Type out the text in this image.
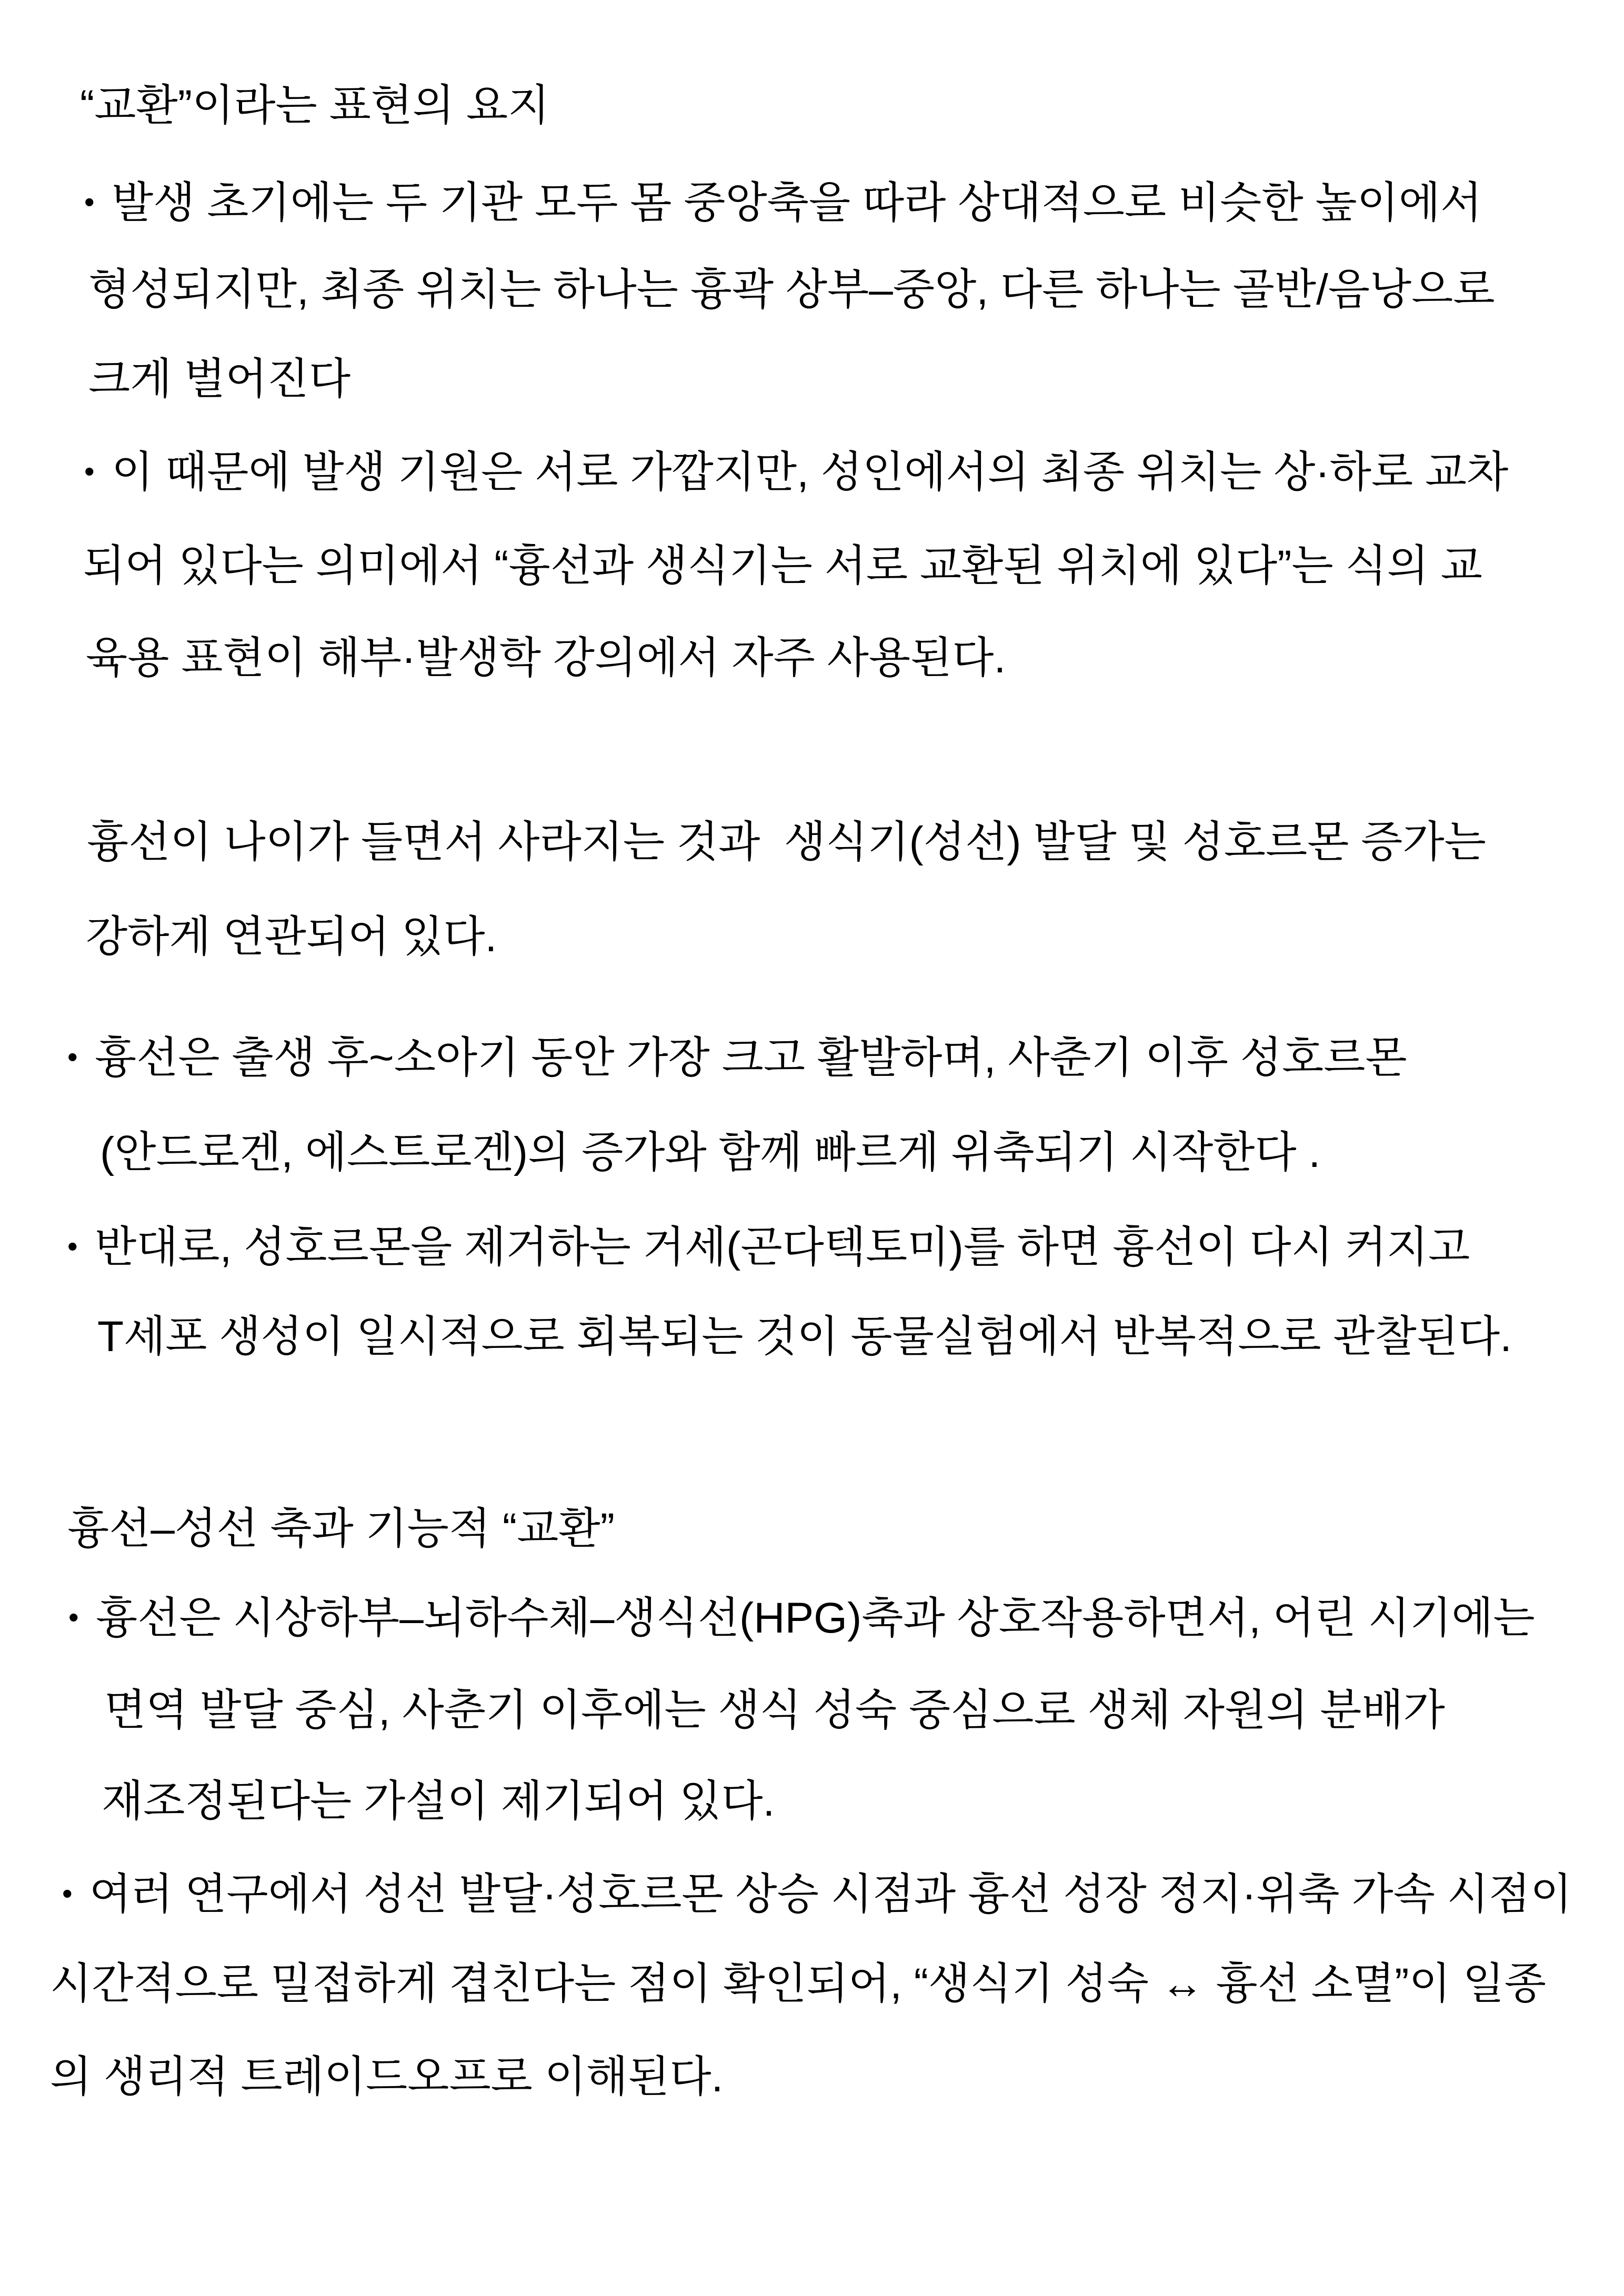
“교환”이라는 표현의 요지
• 발생 초기에는 두 기관 모두 몸 중앙축을 따라 상대적으로 비슷한 높이에서
형성되지만, 최종 위치는 하나는 흉곽 상부–중앙, 다른 하나는 골반/음낭으로
크게 벌어진다
• 이 때문에 발생 기원은 서로 가깝지만, 성인에서의 최종 위치는 상·하로 교차
되어 있다는 의미에서 “흉선과 생식기는 서로 교환된 위치에 있다”는 식의 교
육용 표현이 해부·발생학 강의에서 자주 사용된다.
흉선이 나이가 들면서 사라지는 것과  생식기(성선) 발달 및 성호르몬 증가는
강하게 연관되어 있다.
• 흉선은 출생 후~소아기 동안 가장 크고 활발하며, 사춘기 이후 성호르몬
(안드로겐, 에스트로겐)의 증가와 함께 빠르게 위축되기 시작한다 .
• 반대로, 성호르몬을 제거하는 거세(곤다텍토미)를 하면 흉선이 다시 커지고
T세포 생성이 일시적으로 회복되는 것이 동물실험에서 반복적으로 관찰된다.
흉선–성선 축과 기능적 “교환”
• 흉선은 시상하부–뇌하수체–생식선(HPG)축과 상호작용하면서, 어린 시기에는
면역 발달 중심, 사춘기 이후에는 생식 성숙 중심으로 생체 자원의 분배가
재조정된다는 가설이 제기되어 있다.
• 여러 연구에서 성선 발달·성호르몬 상승 시점과 흉선 성장 정지·위축 가속 시점이
시간적으로 밀접하게 겹친다는 점이 확인되어, “생식기 성숙 ↔ 흉선 소멸”이 일종
의 생리적 트레이드오프로 이해된다.
